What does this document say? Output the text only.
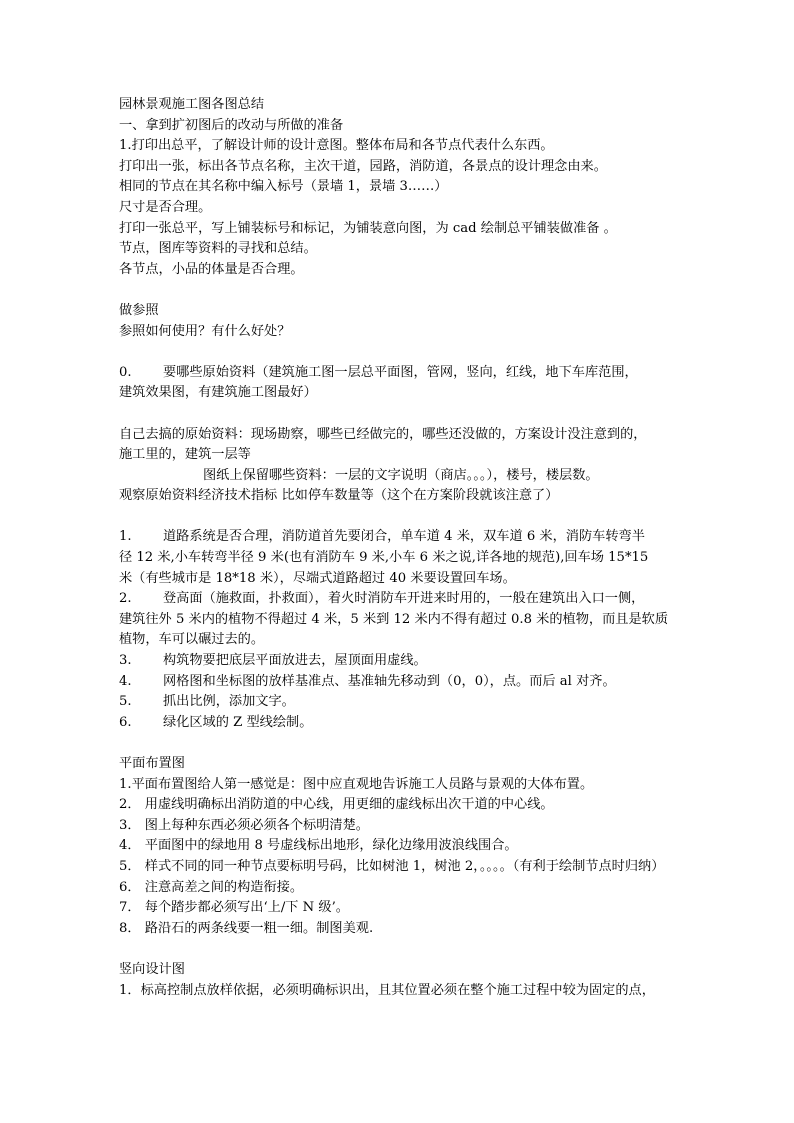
园林景观施工图各图总结

一、拿到扩初图后的改动与所做的准备

1.打印出总平，了解设计师的设计意图。整体布局和各节点代表什么东西。

打印出一张，标出各节点名称，主次干道，园路，消防道，各景点的设计理念由来。

相同的节点在其名称中编入标号（景墙 1，景墙 3……）

尺寸是否合理。

打印一张总平，写上铺装标号和标记，为铺装意向图，为 cad 绘制总平铺装做准备 。

节点，图库等资料的寻找和总结。

各节点，小品的体量是否合理。

做参照

参照如何使用？有什么好处？

0. 要哪些原始资料（建筑施工图一层总平面图，管网，竖向，红线，地下车库范围，

建筑效果图，有建筑施工图最好）

自己去搞的原始资料：现场勘察，哪些已经做完的，哪些还没做的，方案设计没注意到的，

施工里的，建筑一层等

图纸上保留哪些资料：一层的文字说明（商店。。。），楼号，楼层数。

观察原始资料经济技术指标 比如停车数量等（这个在方案阶段就该注意了）

1. 道路系统是否合理，消防道首先要闭合，单车道 4 米，双车道 6 米，消防车转弯半

径 12 米,小车转弯半径 9 米(也有消防车 9 米,小车 6 米之说,详各地的规范),回车场 15*15

米（有些城市是 18*18 米），尽端式道路超过 40 米要设置回车场。

2. 登高面（施救面，扑救面），着火时消防车开进来时用的，一般在建筑出入口一侧，

建筑往外 5 米内的植物不得超过 4 米，5 米到 12 米内不得有超过 0.8 米的植物，而且是软质

植物，车可以碾过去的。

3. 构筑物要把底层平面放进去，屋顶面用虚线。

4. 网格图和坐标图的放样基准点、基准轴先移动到（0，0），点。而后 al 对齐。

5. 抓出比例，添加文字。

6. 绿化区域的 Z 型线绘制。

平面布置图

1.平面布置图给人第一感觉是：图中应直观地告诉施工人员路与景观的大体布置。

2． 用虚线明确标出消防道的中心线，用更细的虚线标出次干道的中心线。

3． 图上每种东西必须必须各个标明清楚。

4． 平面图中的绿地用 8 号虚线标出地形，绿化边缘用波浪线围合。

5． 样式不同的同一种节点要标明号码，比如树池 1，树池 2，。。。。（有利于绘制节点时归纳）

6． 注意高差之间的构造衔接。

7． 每个踏步都必须写出‘上/下 N 级’。

8． 路沿石的两条线要一粗一细。制图美观.

竖向设计图

1．标高控制点放样依据，必须明确标识出，且其位置必须在整个施工过程中较为固定的点，
